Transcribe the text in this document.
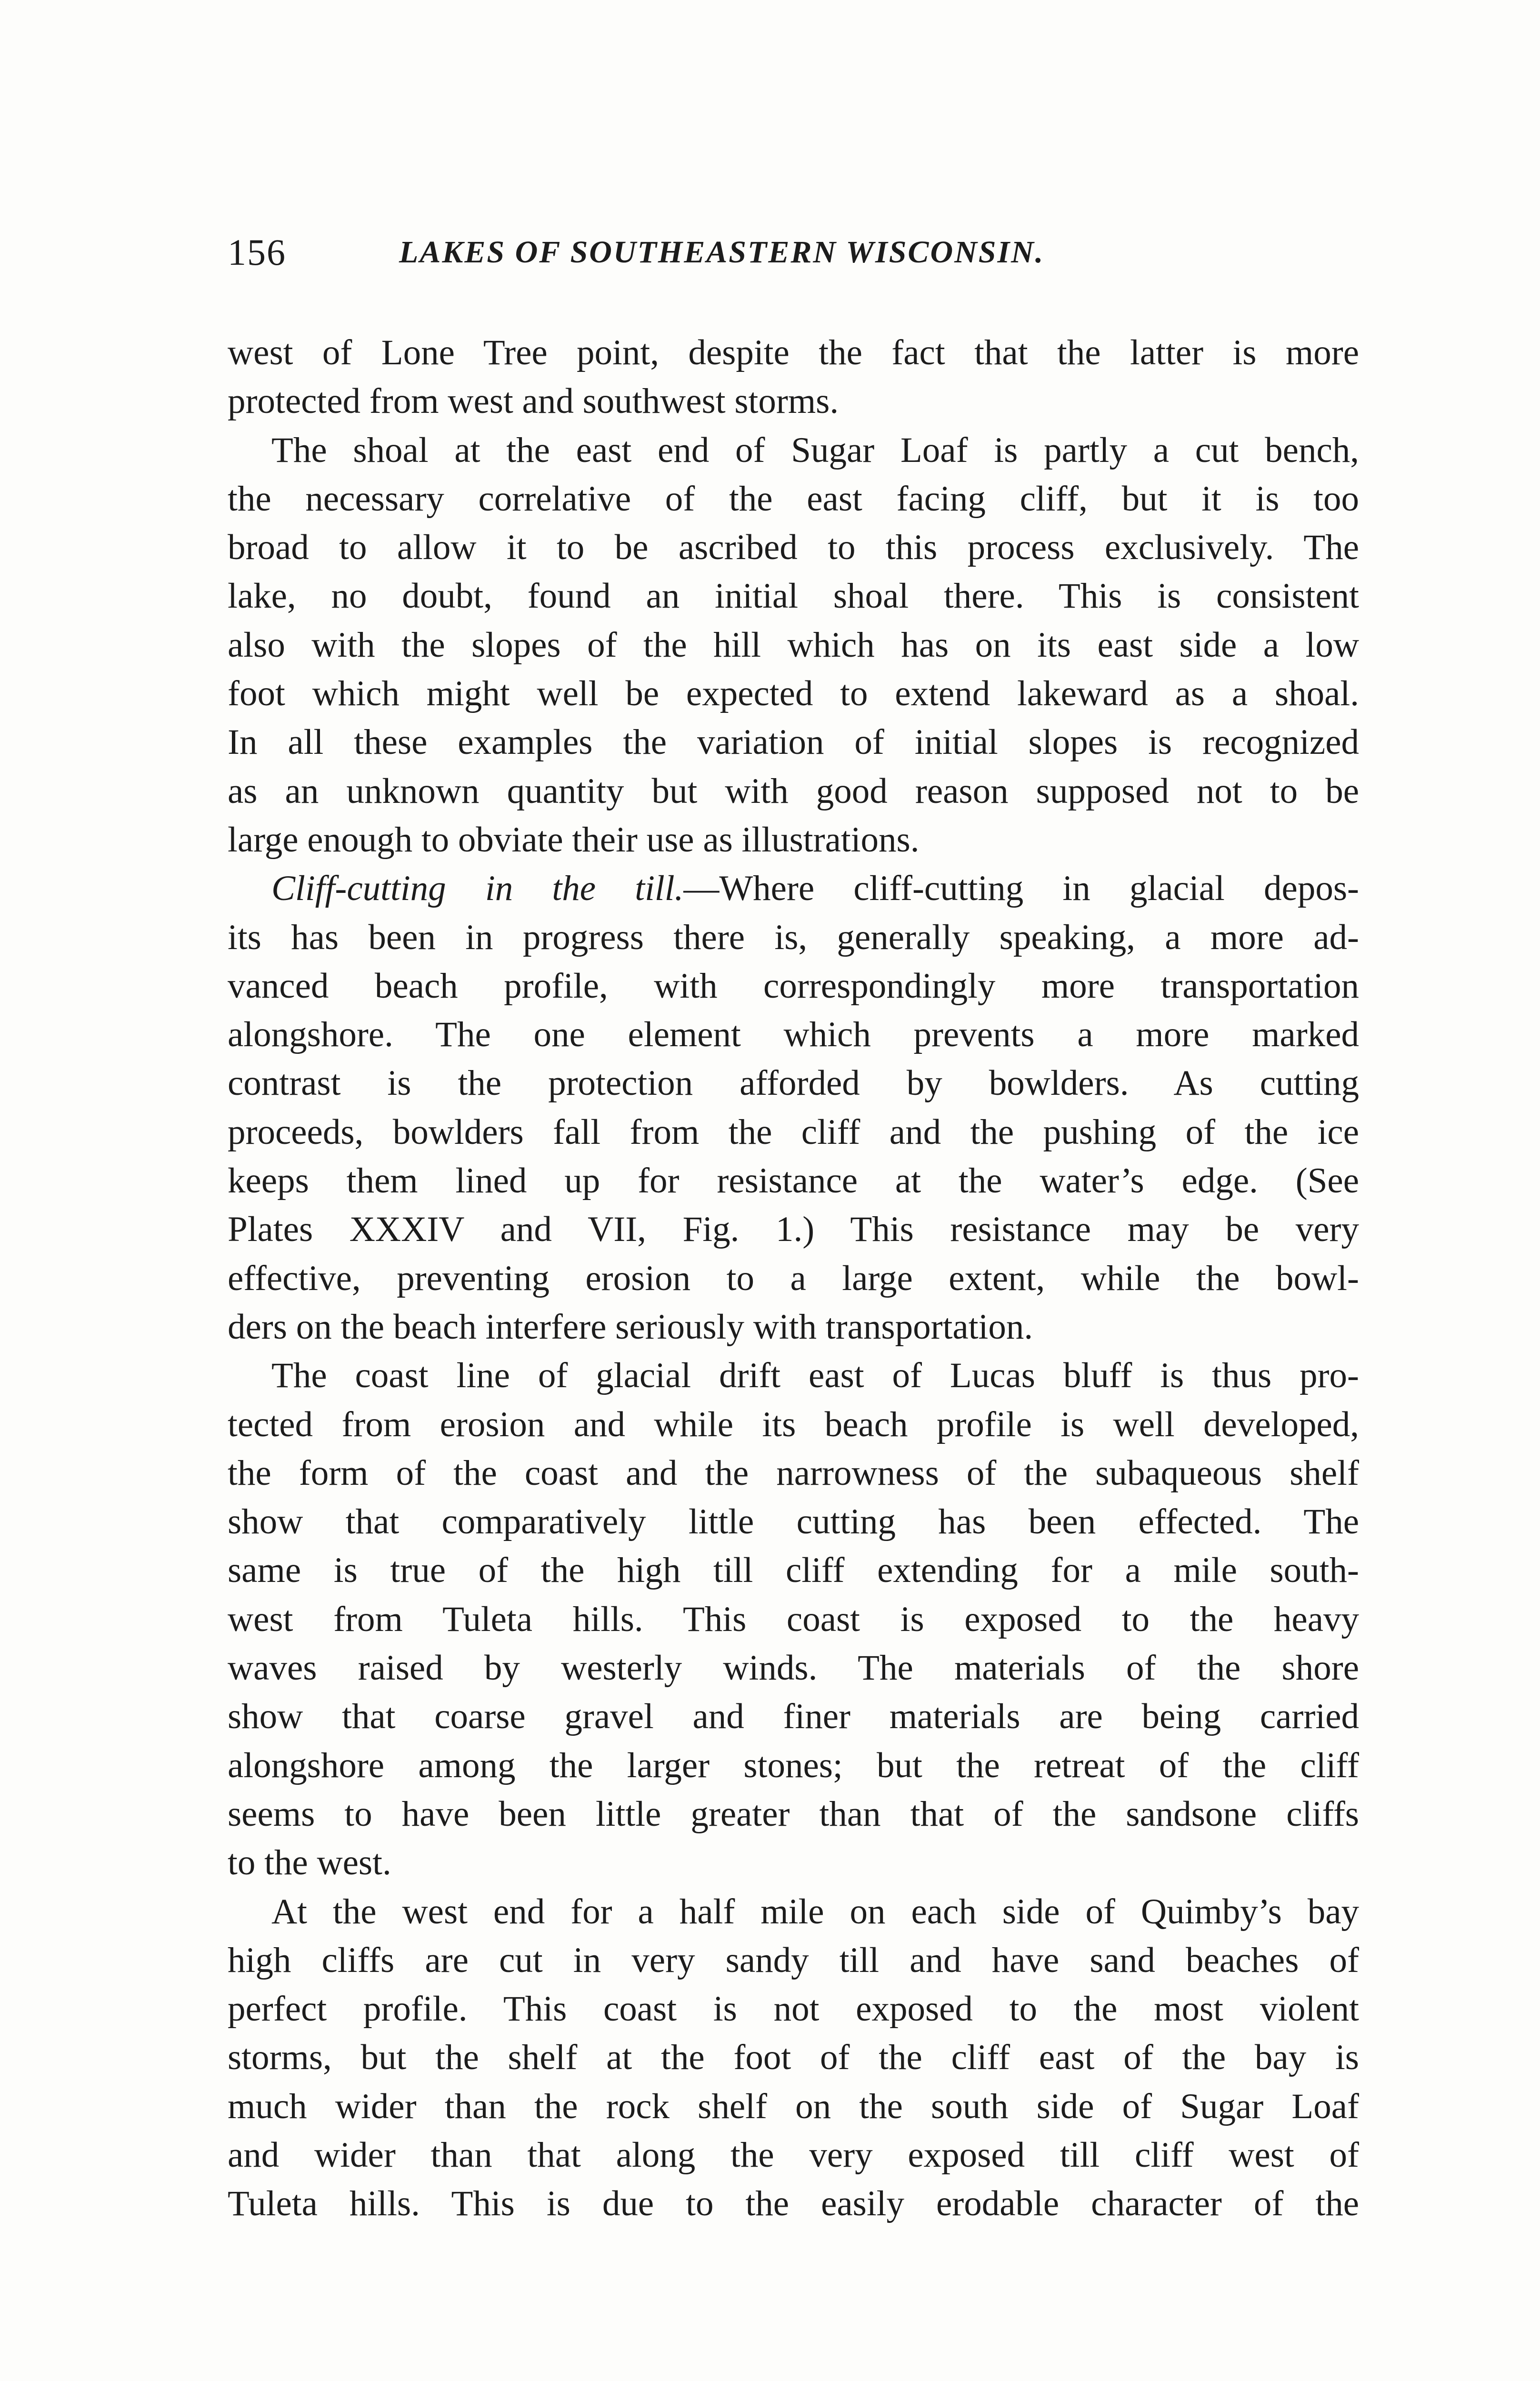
156	LAKES OF SOUTHEASTERN WISCONSIN.
west of Lone Tree point, despite the fact that the latter is more
protected from west and southwest storms.
The shoal at the east end of Sugar Loaf is partly a cut bench,
the necessary correlative of the east facing cliff, but it is too
broad to allow it to be ascribed to this process exclusively. The
lake, no doubt, found an initial shoal there. This is consistent
also with the slopes of the hill which has on its east side a low
foot which might well be expected to extend lakeward as a shoal.
In all these examples the variation of initial slopes is recognized
as an unknown quantity but with good reason supposed not to be
large enough to obviate their use as illustrations.
Cliff-cutting in the till.—Where cliff-cutting in glacial depos-
its has been in progress there is, generally speaking, a more ad-
vanced beach profile, with correspondingly more transportation
alongshore. The one element which prevents a more marked
contrast is the protection afforded by bowlders. As cutting
proceeds, bowlders fall from the cliff and the pushing of the ice
keeps them lined up for resistance at the water’s edge. (See
Plates XXXIV and VII, Fig. 1.) This resistance may be very
effective, preventing erosion to a large extent, while the bowl-
ders on the beach interfere seriously with transportation.
The coast line of glacial drift east of Lucas bluff is thus pro-
tected from erosion and while its beach profile is well developed,
the form of the coast and the narrowness of the subaqueous shelf
show that comparatively little cutting has been effected. The
same is true of the high till cliff extending for a mile south-
west from Tuleta hills. This coast is exposed to the heavy
waves raised by westerly winds. The materials of the shore
show that coarse gravel and finer materials are being carried
alongshore among the larger stones; but the retreat of the cliff
seems to have been little greater than that of the sandsone cliffs
to the west.
At the west end for a half mile on each side of Quimby’s bay
high cliffs are cut in very sandy till and have sand beaches of
perfect profile. This coast is not exposed to the most violent
storms, but the shelf at the foot of the cliff east of the bay is
much wider than the rock shelf on the south side of Sugar Loaf
and wider than that along the very exposed till cliff west of
Tuleta hills. This is due to the easily erodable character of the
